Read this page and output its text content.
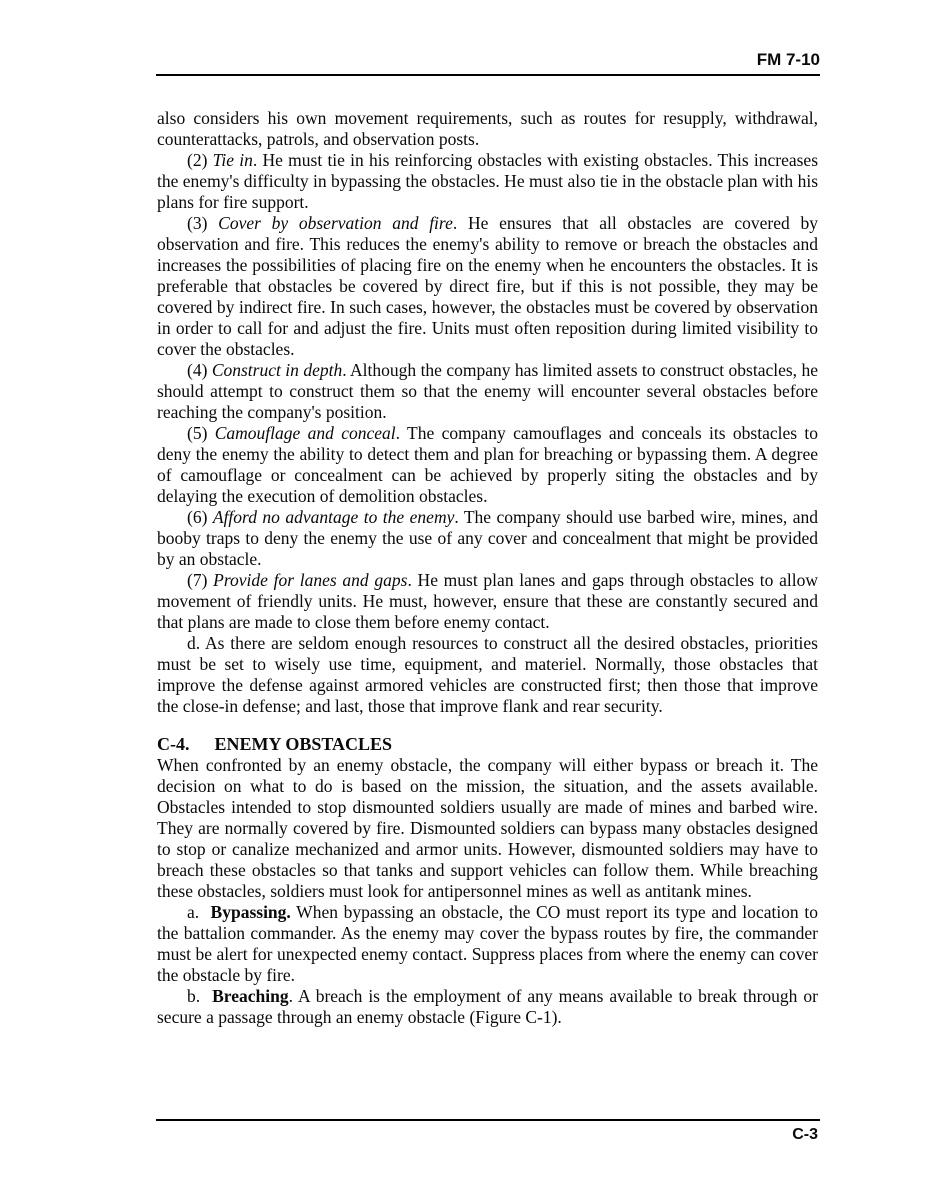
FM 7-10

also considers his own movement requirements, such as routes for resupply, withdrawal, counterattacks, patrols, and observation posts.

(2) Tie in. He must tie in his reinforcing obstacles with existing obstacles. This increases the enemy's difficulty in bypassing the obstacles. He must also tie in the obstacle plan with his plans for fire support.

(3) Cover by observation and fire. He ensures that all obstacles are covered by observation and fire. This reduces the enemy's ability to remove or breach the obstacles and increases the possibilities of placing fire on the enemy when he encounters the obstacles. It is preferable that obstacles be covered by direct fire, but if this is not possible, they may be covered by indirect fire. In such cases, however, the obstacles must be covered by observation in order to call for and adjust the fire. Units must often reposition during limited visibility to cover the obstacles.

(4) Construct in depth. Although the company has limited assets to construct obstacles, he should attempt to construct them so that the enemy will encounter several obstacles before reaching the company's position.

(5) Camouflage and conceal. The company camouflages and conceals its obstacles to deny the enemy the ability to detect them and plan for breaching or bypassing them. A degree of camouflage or concealment can be achieved by properly siting the obstacles and by delaying the execution of demolition obstacles.

(6) Afford no advantage to the enemy. The company should use barbed wire, mines, and booby traps to deny the enemy the use of any cover and concealment that might be provided by an obstacle.

(7) Provide for lanes and gaps. He must plan lanes and gaps through obstacles to allow movement of friendly units. He must, however, ensure that these are constantly secured and that plans are made to close them before enemy contact.

d. As there are seldom enough resources to construct all the desired obstacles, priorities must be set to wisely use time, equipment, and materiel. Normally, those obstacles that improve the defense against armored vehicles are constructed first; then those that improve the close-in defense; and last, those that improve flank and rear security.

C-4. ENEMY OBSTACLES

When confronted by an enemy obstacle, the company will either bypass or breach it. The decision on what to do is based on the mission, the situation, and the assets available. Obstacles intended to stop dismounted soldiers usually are made of mines and barbed wire. They are normally covered by fire. Dismounted soldiers can bypass many obstacles designed to stop or canalize mechanized and armor units. However, dismounted soldiers may have to breach these obstacles so that tanks and support vehicles can follow them. While breaching these obstacles, soldiers must look for antipersonnel mines as well as antitank mines.

a.  Bypassing. When bypassing an obstacle, the CO must report its type and location to the battalion commander. As the enemy may cover the bypass routes by fire, the commander must be alert for unexpected enemy contact. Suppress places from where the enemy can cover the obstacle by fire.

b.  Breaching. A breach is the employment of any means available to break through or secure a passage through an enemy obstacle (Figure C-1).

C-3
